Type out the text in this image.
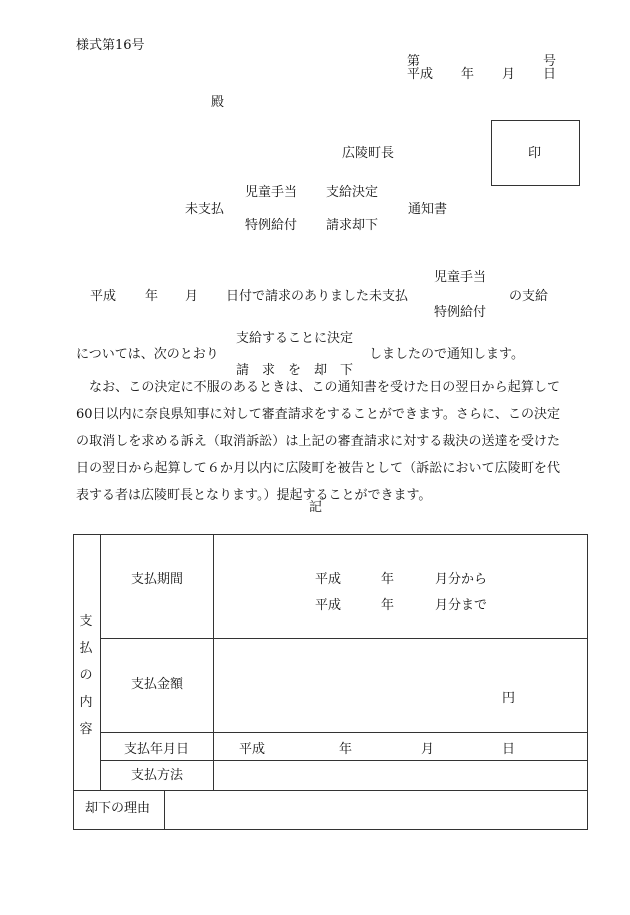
様式第16号
第	号
平成 年 月 日
殿
広陵町長	印
児童手当 支給決定
未支払	通知書
特例給付 請求却下
児童手当
平成 年 月 日付で請求のありました未支払	の支給
特例給付
支給することに決定
については、次のとおり	しましたので通知します。
請　求　を　却　下

なお、この決定に不服のあるときは、この通知書を受けた日の翌日から起算して60日以内に奈良県知事に対して審査請求をすることができます。さらに、この決定の取消しを求める訴え（取消訴訟）は上記の審査請求に対する裁決の送達を受けた日の翌日から起算して６か月以内に広陵町を被告として（訴訟において広陵町を代表する者は広陵町長となります。）提起することができます。

記
支
払
の
内
容
支払期間	平成	年	月分から
平成	年	月分まで
支払金額
円
支払年月日	平成	年	月	日
支払方法
却下の理由
